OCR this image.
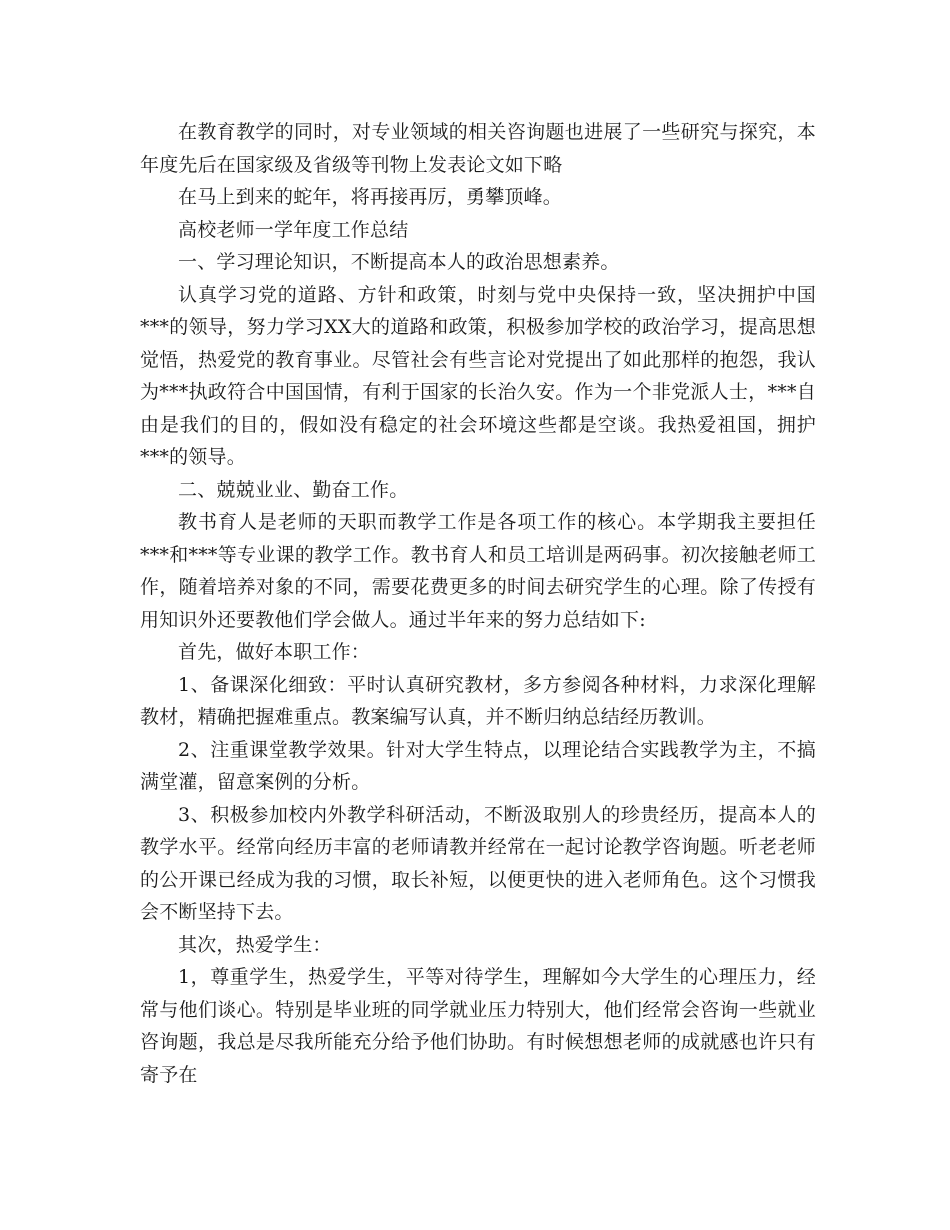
在教育教学的同时，对专业领域的相关咨询题也进展了一些研究与探究，本年度先后在国家级及省级等刊物上发表论文如下略

在马上到来的蛇年，将再接再厉，勇攀顶峰。

高校老师一学年度工作总结

一、学习理论知识，不断提高本人的政治思想素养。

认真学习党的道路、方针和政策，时刻与党中央保持一致，坚决拥护中国***的领导，努力学习XX大的道路和政策，积极参加学校的政治学习，提高思想觉悟，热爱党的教育事业。尽管社会有些言论对党提出了如此那样的抱怨，我认为***执政符合中国国情，有利于国家的长治久安。作为一个非党派人士，***自由是我们的目的，假如没有稳定的社会环境这些都是空谈。我热爱祖国，拥护***的领导。

二、兢兢业业、勤奋工作。

教书育人是老师的天职而教学工作是各项工作的核心。本学期我主要担任***和***等专业课的教学工作。教书育人和员工培训是两码事。初次接触老师工作，随着培养对象的不同，需要花费更多的时间去研究学生的心理。除了传授有用知识外还要教他们学会做人。通过半年来的努力总结如下:

首先，做好本职工作：

1、备课深化细致：平时认真研究教材，多方参阅各种材料，力求深化理解教材，精确把握难重点。教案编写认真，并不断归纳总结经历教训。

2、注重课堂教学效果。针对大学生特点，以理论结合实践教学为主，不搞满堂灌，留意案例的分析。

3、积极参加校内外教学科研活动，不断汲取别人的珍贵经历，提高本人的教学水平。经常向经历丰富的老师请教并经常在一起讨论教学咨询题。听老老师的公开课已经成为我的习惯，取长补短，以便更快的进入老师角色。这个习惯我会不断坚持下去。

其次，热爱学生：

1，尊重学生，热爱学生，平等对待学生，理解如今大学生的心理压力，经常与他们谈心。特别是毕业班的同学就业压力特别大，他们经常会咨询一些就业咨询题，我总是尽我所能充分给予他们协助。有时候想想老师的成就感也许只有寄予在
